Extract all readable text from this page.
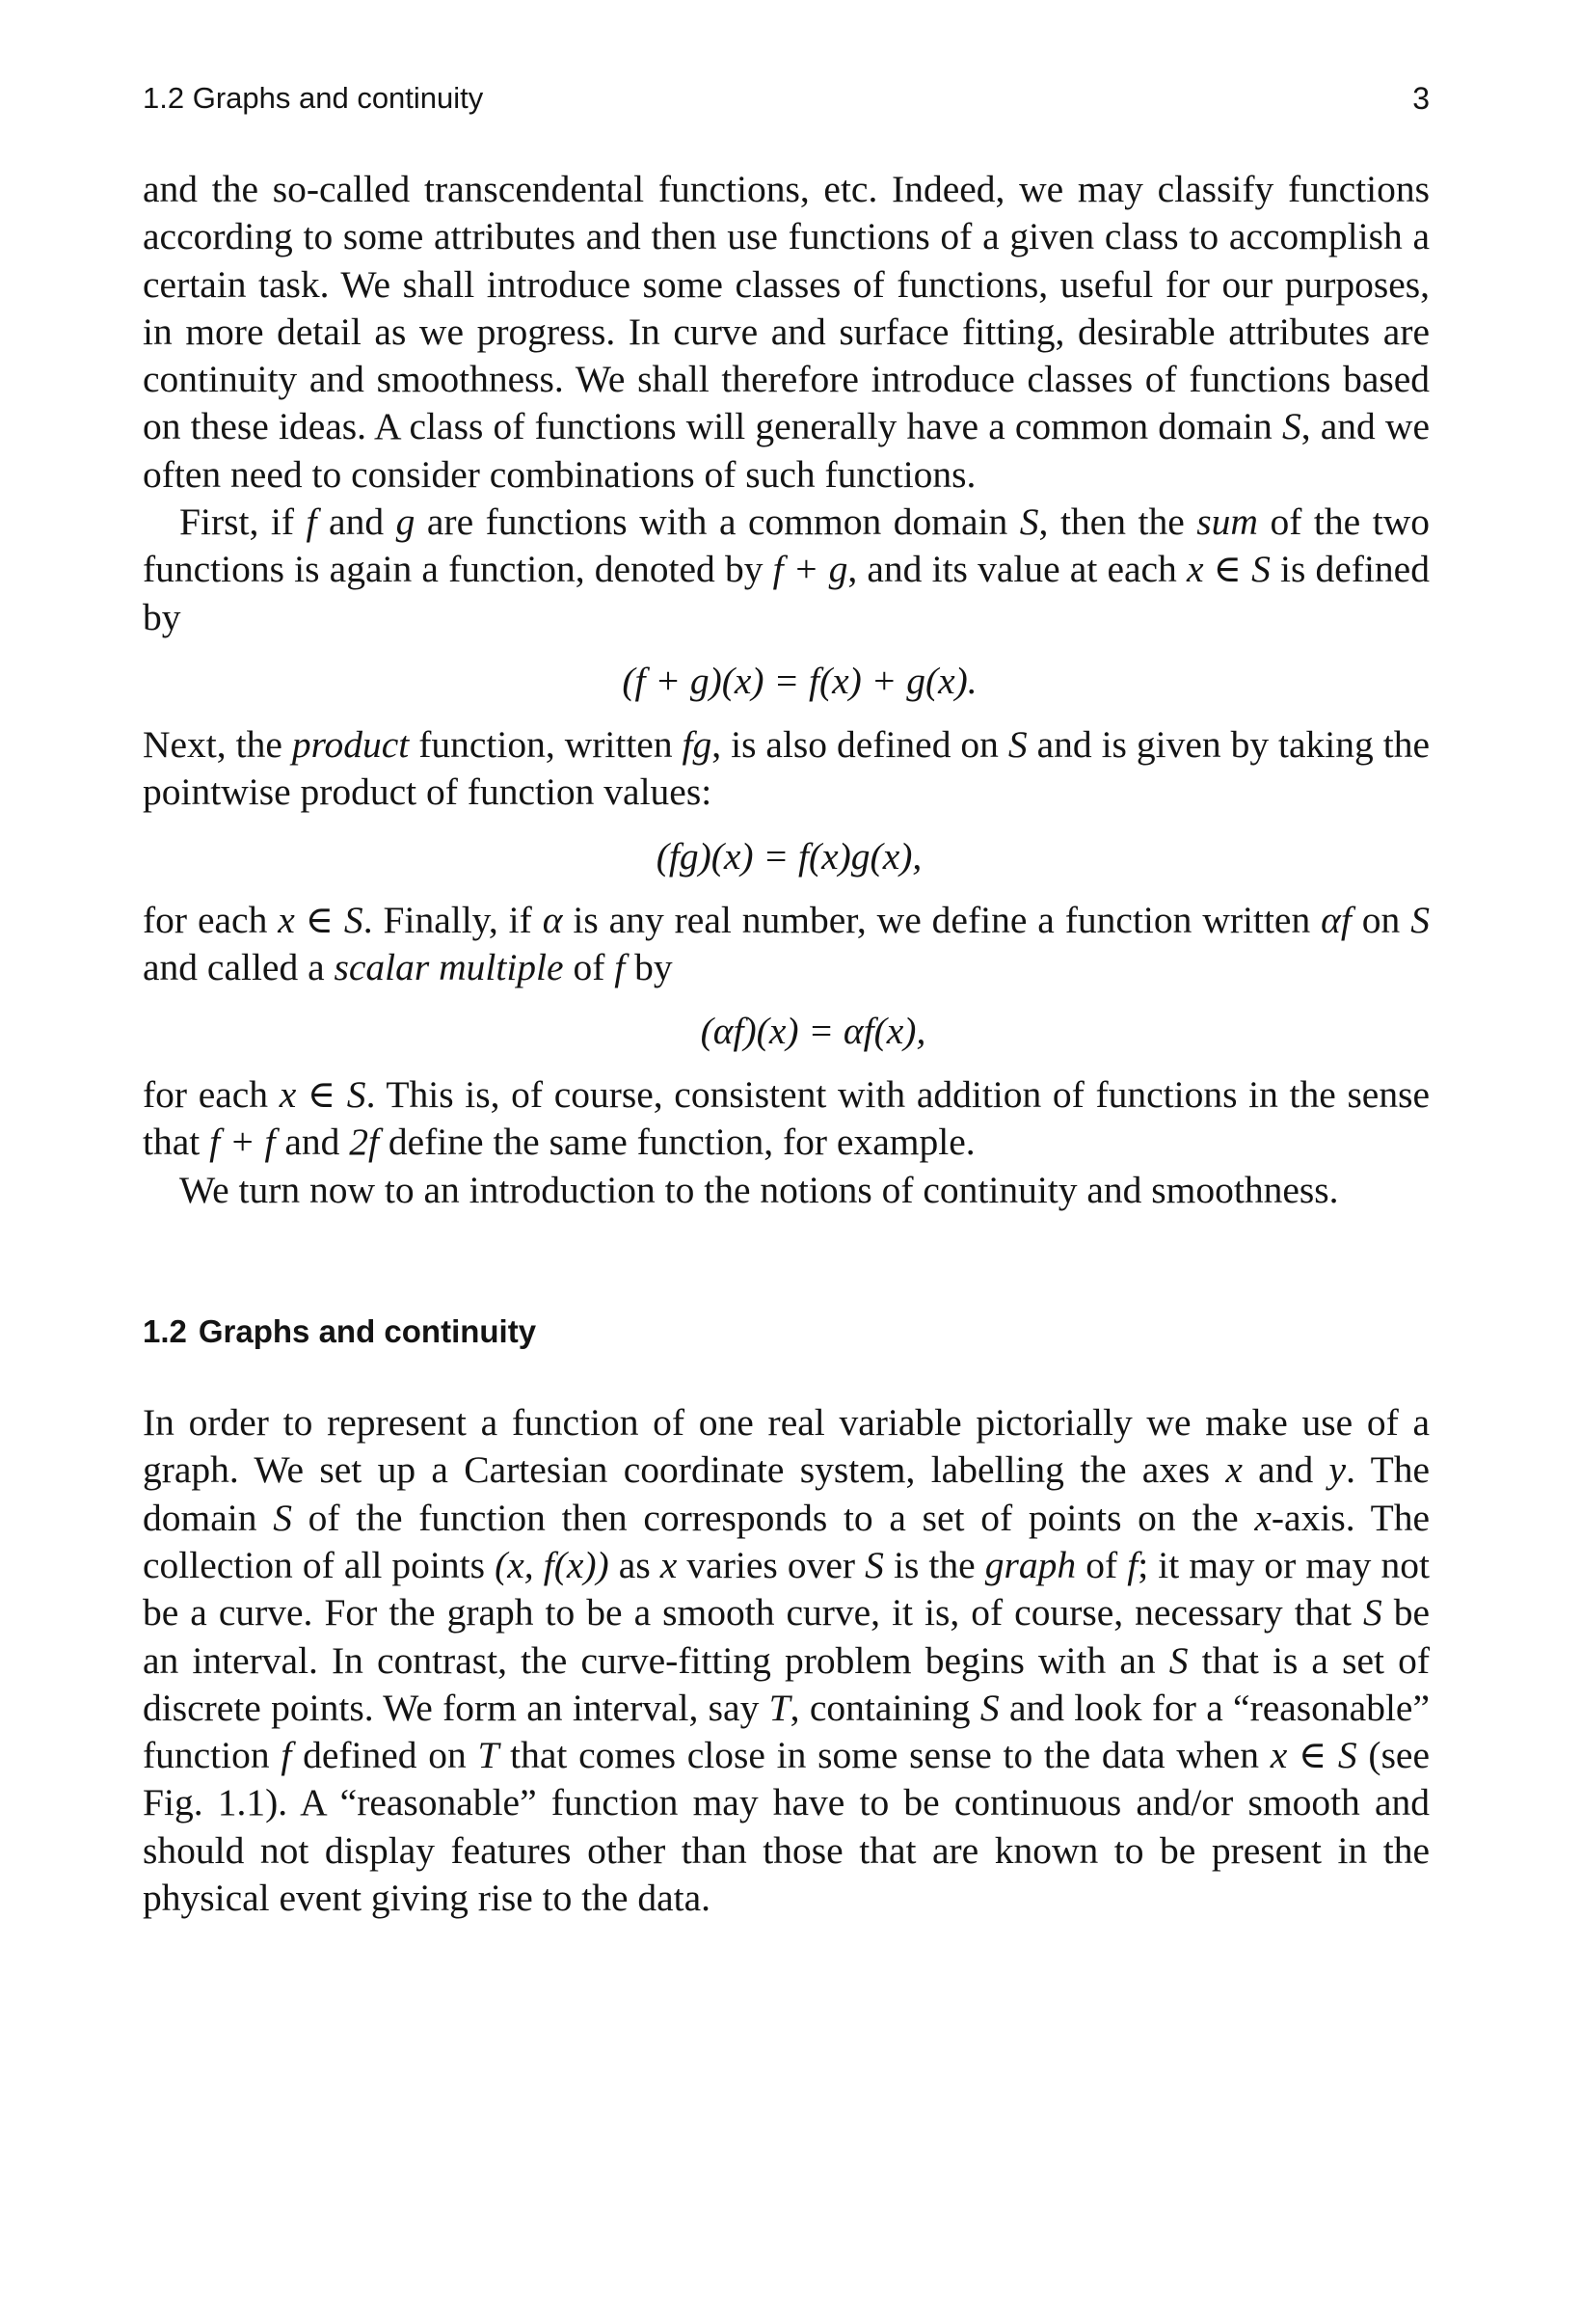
1.2 Graphs and continuity	3

and the so-called transcendental functions, etc. Indeed, we may classify functions according to some attributes and then use functions of a given class to accomplish a certain task. We shall introduce some classes of functions, useful for our purposes, in more detail as we progress. In curve and surface fitting, desirable attributes are continuity and smoothness. We shall therefore introduce classes of functions based on these ideas. A class of functions will generally have a common domain S, and we often need to consider combinations of such functions.

First, if f and g are functions with a common domain S, then the sum of the two functions is again a function, denoted by f + g, and its value at each x ∈ S is defined by

(f + g)(x) = f(x) + g(x).

Next, the product function, written fg, is also defined on S and is given by taking the pointwise product of function values:

(fg)(x) = f(x)g(x),

for each x ∈ S. Finally, if α is any real number, we define a function written αf on S and called a scalar multiple of f by

(αf)(x) = αf(x),

for each x ∈ S. This is, of course, consistent with addition of functions in the sense that f + f and 2f define the same function, for example.

We turn now to an introduction to the notions of continuity and smoothness.

1.2 Graphs and continuity

In order to represent a function of one real variable pictorially we make use of a graph. We set up a Cartesian coordinate system, labelling the axes x and y. The domain S of the function then corresponds to a set of points on the x-axis. The collection of all points (x, f(x)) as x varies over S is the graph of f; it may or may not be a curve. For the graph to be a smooth curve, it is, of course, necessary that S be an interval. In contrast, the curve-fitting problem begins with an S that is a set of discrete points. We form an interval, say T, containing S and look for a “reasonable” function f defined on T that comes close in some sense to the data when x ∈ S (see Fig. 1.1). A “reasonable” function may have to be continuous and/or smooth and should not display features other than those that are known to be present in the physical event giving rise to the data.
